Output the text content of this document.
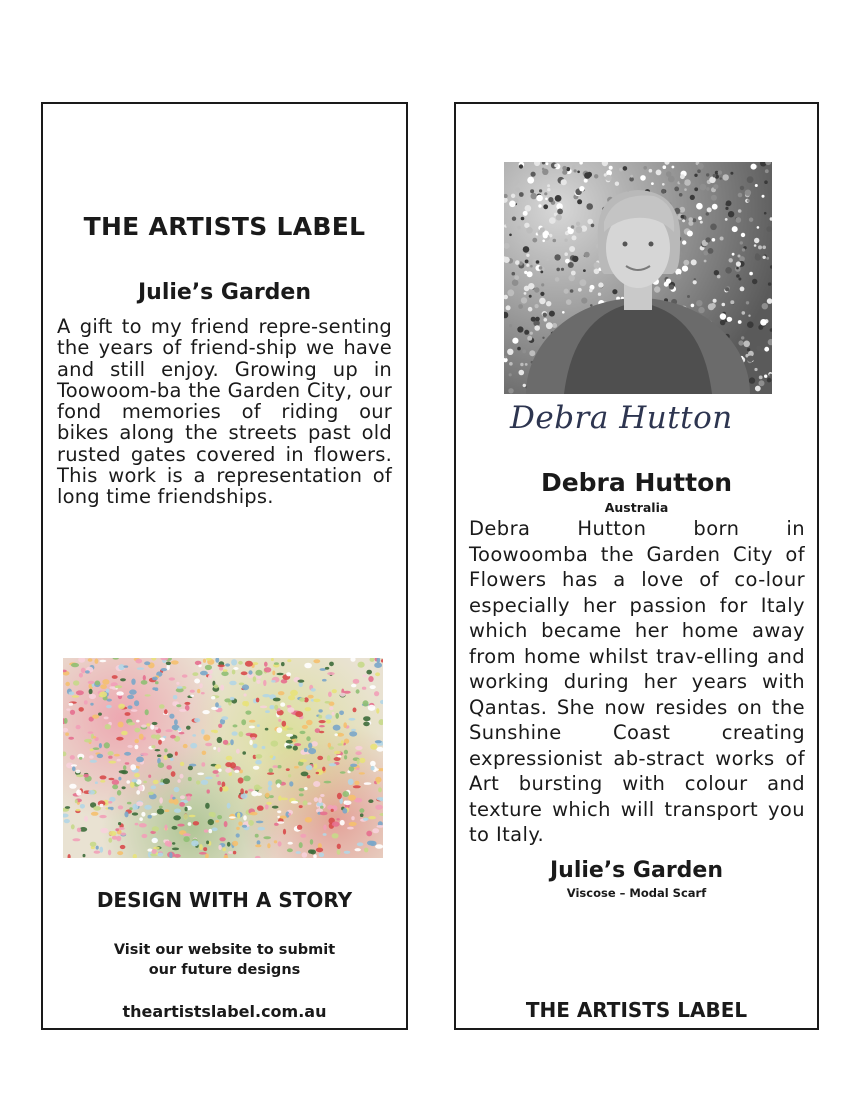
THE ARTISTS LABEL
Julie’s Garden
A gift to my friend repre-senting the years of friend-ship we have and still enjoy. Growing up in Toowoom-ba the Garden City, our fond memories of riding our bikes along the streets past old rusted gates covered in flowers. This work is a representation of long time friendships.
DESIGN WITH A STORY
Visit our website to submit
our future designs
theartistslabel.com.au
Debra Hutton
Debra Hutton
Australia
Debra Hutton born in Toowoomba the Garden City of Flowers has a love of co-lour especially her passion for Italy which became her home away from home whilst trav-elling and working during her years with Qantas. She now resides on the Sunshine Coast creating expressionist ab-stract works of Art bursting with colour and texture which will transport you to Italy.
Julie’s Garden
Viscose – Modal Scarf
THE ARTISTS LABEL
